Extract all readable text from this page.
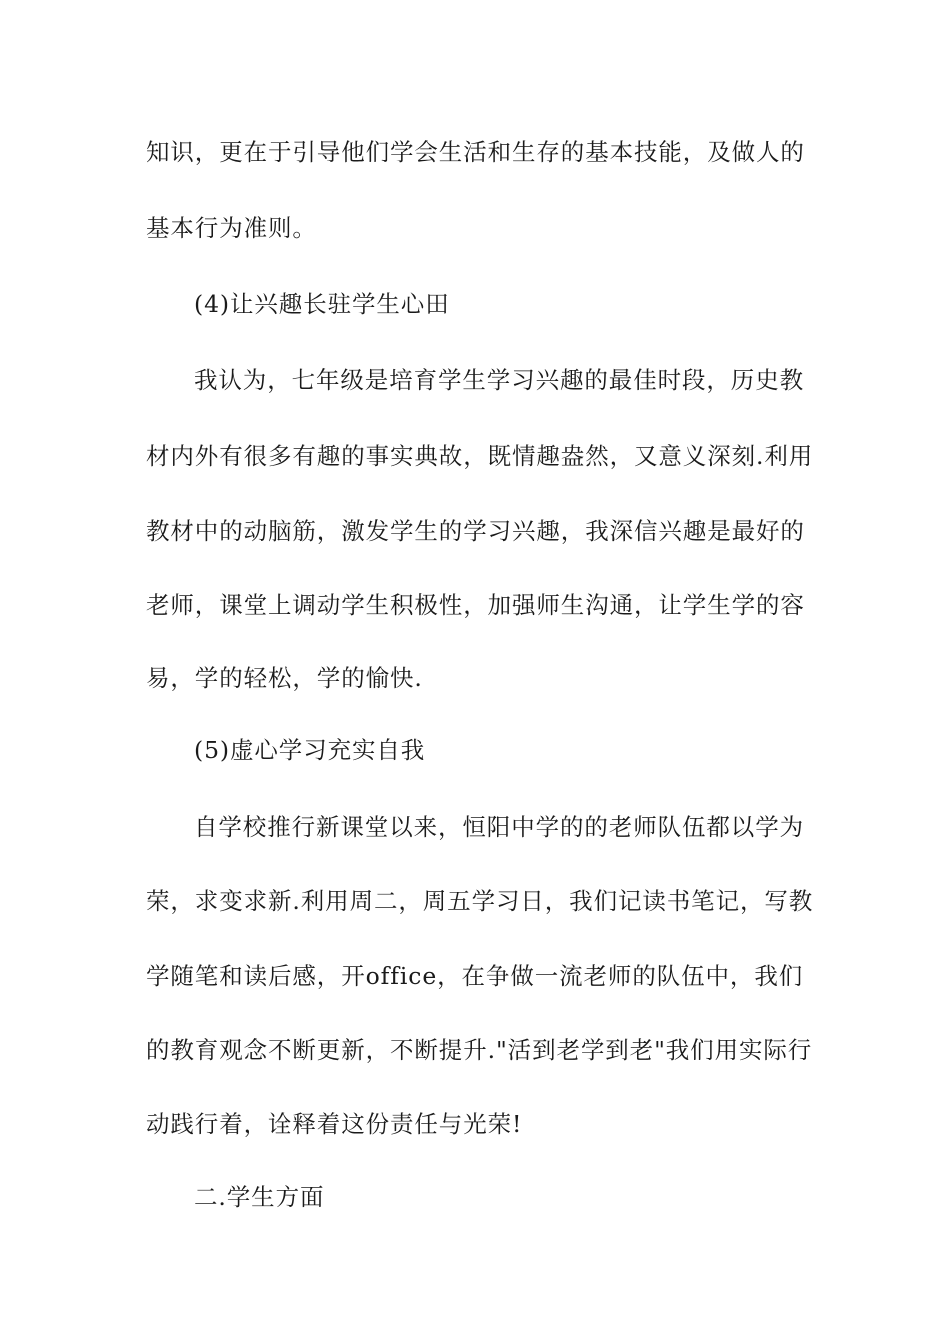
知识，更在于引导他们学会生活和生存的基本技能，及做人的
基本行为准则。
(4)让兴趣长驻学生心田
我认为，七年级是培育学生学习兴趣的最佳时段，历史教
材内外有很多有趣的事实典故，既情趣盎然，又意义深刻.利用
教材中的动脑筋，激发学生的学习兴趣，我深信兴趣是最好的
老师，课堂上调动学生积极性，加强师生沟通，让学生学的容
易，学的轻松，学的愉快.
(5)虚心学习充实自我
自学校推行新课堂以来，恒阳中学的的老师队伍都以学为
荣，求变求新.利用周二，周五学习日，我们记读书笔记，写教
学随笔和读后感，开office，在争做一流老师的队伍中，我们
的教育观念不断更新，不断提升."活到老学到老"我们用实际行
动践行着，诠释着这份责任与光荣!
二.学生方面
